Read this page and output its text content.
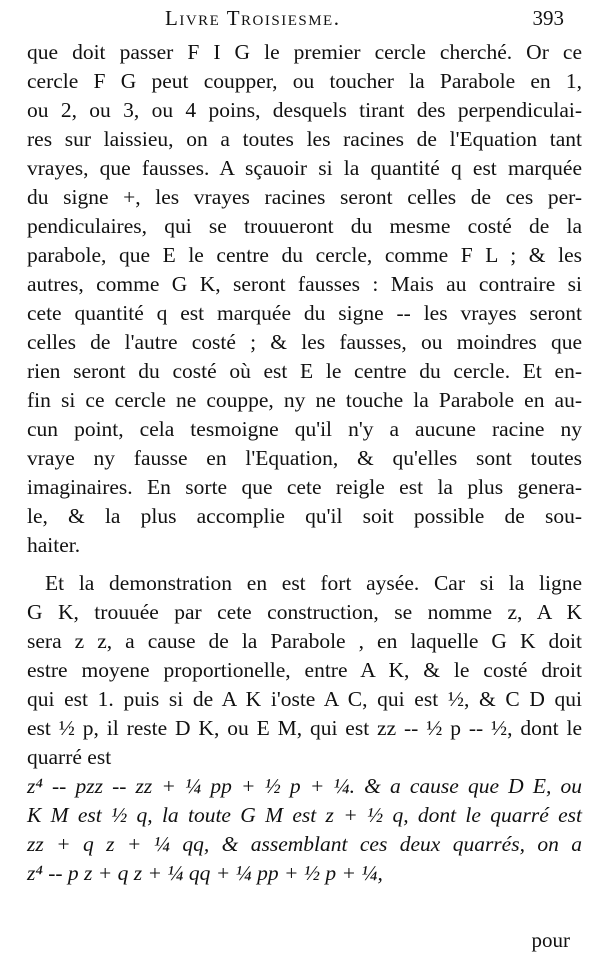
Livre Troisiesme.	393
que doit passer F I G le premier cercle cherché. Or ce
cercle F G peut coupper, ou toucher la Parabole en 1,
ou 2, ou 3, ou 4 poins, desquels tirant des perpendiculai-
res sur laissieu, on a toutes les racines de l'Equation tant
vrayes, que fausses. A sçauoir si la quantité q est marquée
du signe +, les vrayes racines seront celles de ces per-
pendiculaires, qui se trouueront du mesme costé de la
parabole, que E le centre du cercle, comme F L ; & les
autres, comme G K, seront fausses : Mais au contraire si
cete quantité q est marquée du signe -- les vrayes seront
celles de l'autre costé ; & les fausses, ou moindres que
rien seront du costé où est E le centre du cercle. Et en-
fin si ce cercle ne couppe, ny ne touche la Parabole en au-
cun point, cela tesmoigne qu'il n'y a aucune racine ny
vraye ny fausse en l'Equation, & qu'elles sont toutes
imaginaires. En sorte que cete reigle est la plus genera-
le, & la plus accomplie qu'il soit possible de sou-
haiter.
Et la demonstration en est fort aysée. Car si la ligne
G K, trouuée par cete construction, se nomme z, A K
sera z z, a cause de la Parabole , en laquelle G K doit
estre moyene proportionelle, entre A K, & le costé droit
qui est 1. puis si de A K i'oste A C, qui est ½, & C D qui
est ½ p, il reste D K, ou E M, qui est zz -- ½ p -- ½, dont le
quarré est
z⁴ -- pzz -- zz + ¼ pp + ½ p + ¼. & a cause que D E, ou
K M est ½ q, la toute G M est z + ½ q, dont le quarré est
zz + q z + ¼ qq, & assemblant ces deux quarrés, on a
z⁴ -- p z + q z + ¼ qq + ¼ pp + ½ p + ¼,
pour
